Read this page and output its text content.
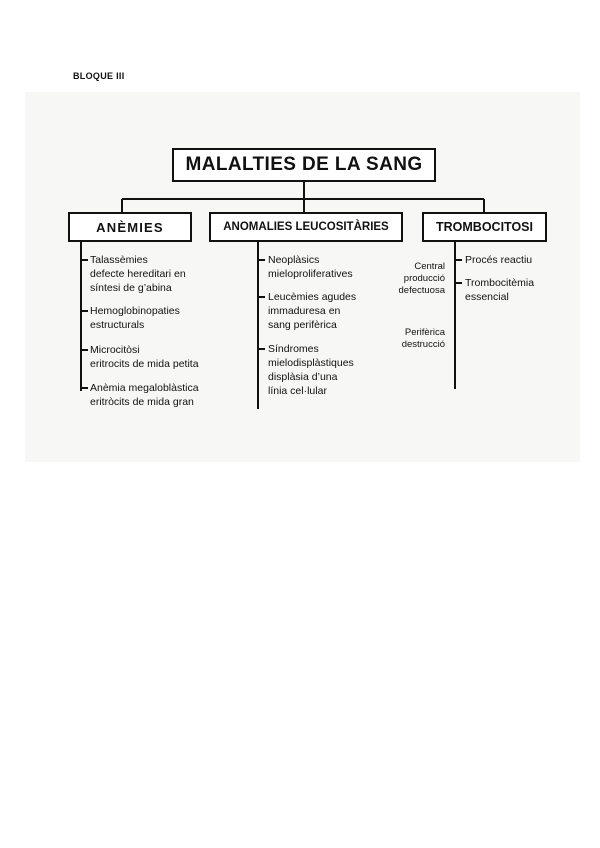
BLOQUE III
MALALTIES DE LA SANG
ANÈMIES	ANOMALIES LEUCOSITÀRIES	TROMBOCITOSI
Talassèmies
defecte hereditari en
síntesi de g’abina
Hemoglobinopaties
estructurals
Microcitòsi
eritrocits de mida petita
Anèmia megaloblàstica
eritròcits de mida gran
Neoplàsics
mieloproliferatives
Leucèmies agudes
immaduresa en
sang perifèrica
Síndromes
mielodisplàstiques
displàsia d’una
línia cel·lular
Central
producció
defectuosa
Perifèrica
destrucció
Procés reactiu
Trombocitèmia
essencial
